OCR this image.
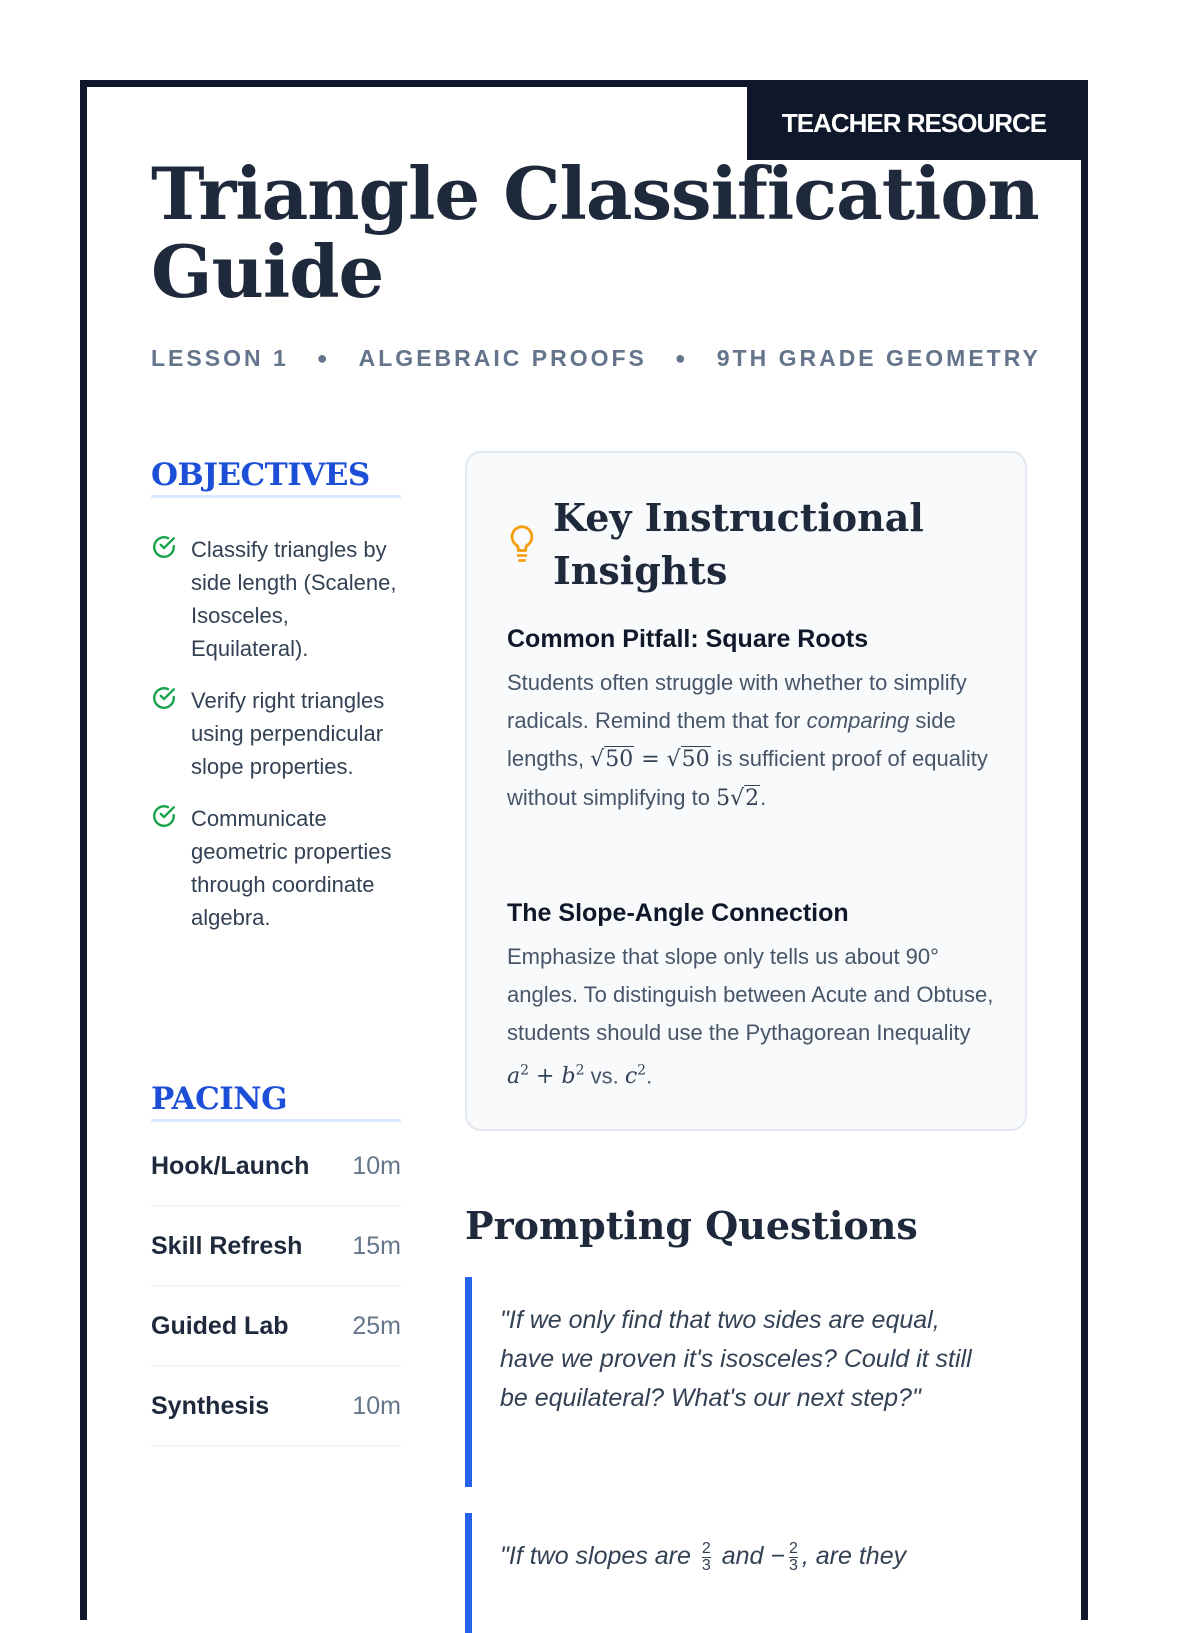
TEACHER RESOURCE
Triangle Classification
Guide
LESSON 1 ● ALGEBRAIC PROOFS ● 9TH GRADE GEOMETRY
OBJECTIVES
Classify triangles by side length (Scalene, Isosceles, Equilateral).
Verify right triangles using perpendicular slope properties.
Communicate geometric properties through coordinate algebra.
PACING
Hook/Launch 10m
Skill Refresh 15m
Guided Lab	25m
Synthesis	10m
Key Instructional Insights
Common Pitfall: Square Roots

Students often struggle with whether to simplify radicals. Remind them that for comparing side lengths, √50 = √50 is sufficient proof of equality without simplifying to 5√2.

The Slope-Angle Connection

Emphasize that slope only tells us about 90° angles. To distinguish between Acute and Obtuse, students should use the Pythagorean Inequality $a^2 + b^2$ vs. $c^2$.

Prompting Questions
"If we only find that two sides are equal, have we proven it's isosceles? Could it still be equilateral? What's our next step?"
"If two slopes are $\frac{2}{3}$ and − $\frac{2}{3}$ , are they
